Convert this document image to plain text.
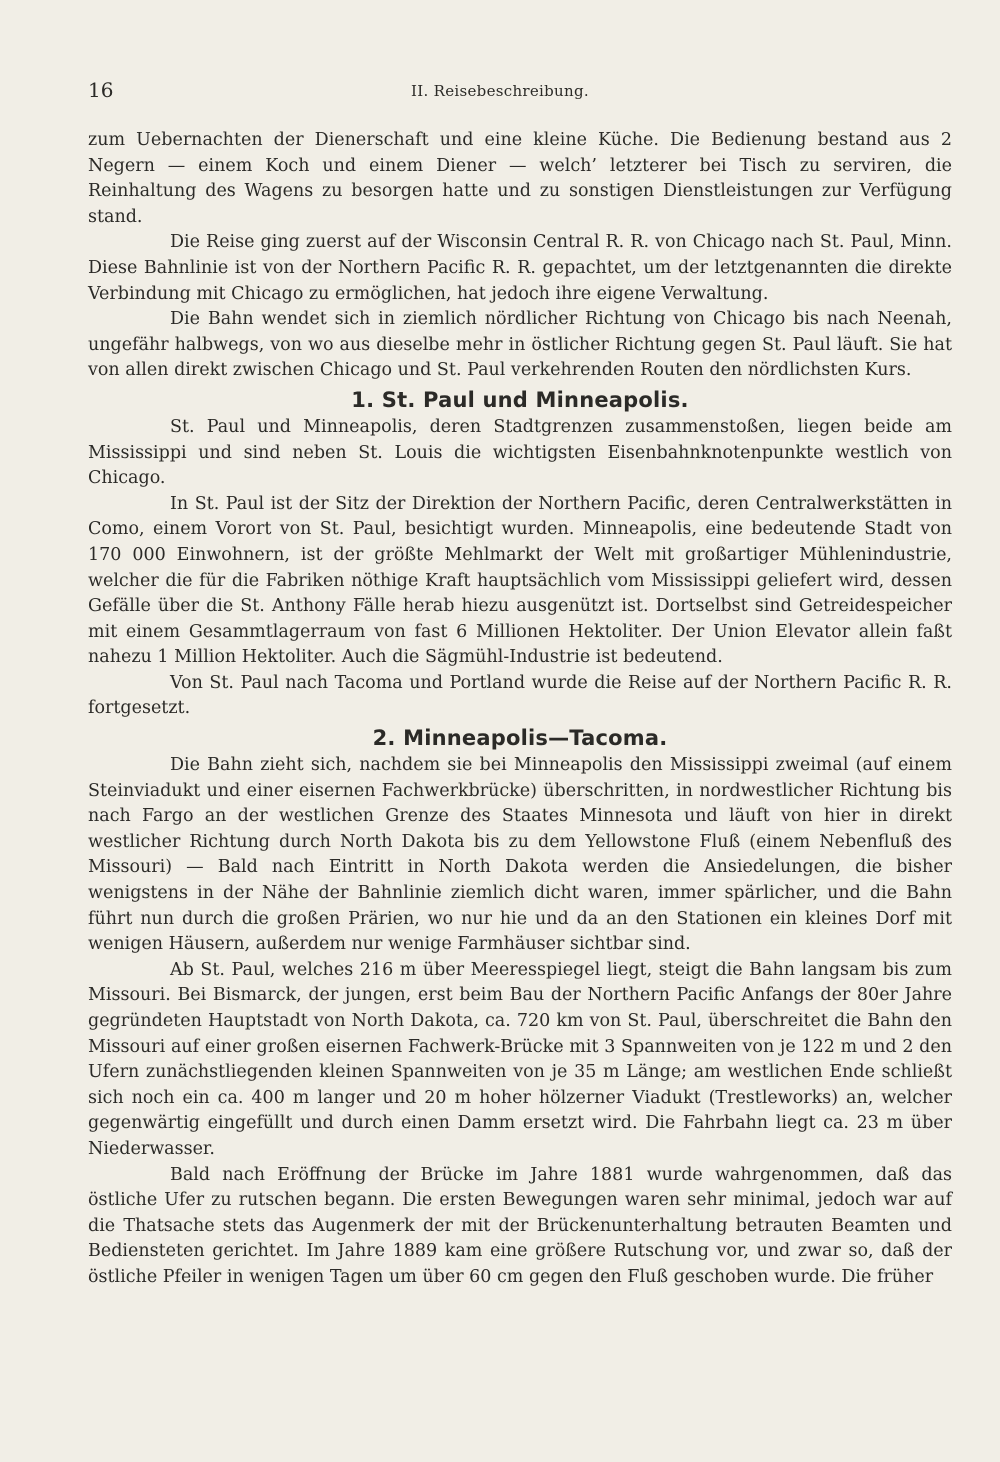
16	II. Reisebeschreibung.

zum Uebernachten der Dienerschaft und eine kleine Küche. Die Bedienung bestand aus 2 Negern — einem Koch und einem Diener — welch’ letzterer bei Tisch zu serviren, die Reinhaltung des Wagens zu besorgen hatte und zu sonstigen Dienstleistungen zur Verfügung stand.

Die Reise ging zuerst auf der Wisconsin Central R. R. von Chicago nach St. Paul, Minn. Diese Bahnlinie ist von der Northern Pacific R. R. gepachtet, um der letztgenannten die direkte Verbindung mit Chicago zu ermöglichen, hat jedoch ihre eigene Verwaltung.

Die Bahn wendet sich in ziemlich nördlicher Richtung von Chicago bis nach Neenah, ungefähr halbwegs, von wo aus dieselbe mehr in östlicher Richtung gegen St. Paul läuft. Sie hat von allen direkt zwischen Chicago und St. Paul verkehrenden Routen den nördlichsten Kurs.

1. St. Paul und Minneapolis.

St. Paul und Minneapolis, deren Stadtgrenzen zusammenstoßen, liegen beide am Mississippi und sind neben St. Louis die wichtigsten Eisenbahnknotenpunkte westlich von Chicago.

In St. Paul ist der Sitz der Direktion der Northern Pacific, deren Centralwerkstätten in Como, einem Vorort von St. Paul, besichtigt wurden. Minneapolis, eine bedeutende Stadt von 170 000 Einwohnern, ist der größte Mehlmarkt der Welt mit großartiger Mühlenindustrie, welcher die für die Fabriken nöthige Kraft hauptsächlich vom Mississippi geliefert wird, dessen Gefälle über die St. Anthony Fälle herab hiezu ausgenützt ist. Dortselbst sind Getreidespeicher mit einem Gesammtlagerraum von fast 6 Millionen Hektoliter. Der Union Elevator allein faßt nahezu 1 Million Hektoliter. Auch die Sägmühl-Industrie ist bedeutend.

Von St. Paul nach Tacoma und Portland wurde die Reise auf der Northern Pacific R. R. fortgesetzt.

2. Minneapolis—Tacoma.

Die Bahn zieht sich, nachdem sie bei Minneapolis den Mississippi zweimal (auf einem Steinviadukt und einer eisernen Fachwerkbrücke) überschritten, in nordwestlicher Richtung bis nach Fargo an der westlichen Grenze des Staates Minnesota und läuft von hier in direkt westlicher Richtung durch North Dakota bis zu dem Yellowstone Fluß (einem Nebenfluß des Missouri) — Bald nach Eintritt in North Dakota werden die Ansiedelungen, die bisher wenigstens in der Nähe der Bahnlinie ziemlich dicht waren, immer spärlicher, und die Bahn führt nun durch die großen Prärien, wo nur hie und da an den Stationen ein kleines Dorf mit wenigen Häusern, außerdem nur wenige Farmhäuser sichtbar sind.

Ab St. Paul, welches 216 m über Meeresspiegel liegt, steigt die Bahn langsam bis zum Missouri. Bei Bismarck, der jungen, erst beim Bau der Northern Pacific Anfangs der 80er Jahre gegründeten Hauptstadt von North Dakota, ca. 720 km von St. Paul, überschreitet die Bahn den Missouri auf einer großen eisernen Fachwerk-Brücke mit 3 Spannweiten von je 122 m und 2 den Ufern zunächstliegenden kleinen Spannweiten von je 35 m Länge; am westlichen Ende schließt sich noch ein ca. 400 m langer und 20 m hoher hölzerner Viadukt (Trestleworks) an, welcher gegenwärtig eingefüllt und durch einen Damm ersetzt wird. Die Fahrbahn liegt ca. 23 m über Niederwasser.

Bald nach Eröffnung der Brücke im Jahre 1881 wurde wahrgenommen, daß das östliche Ufer zu rutschen begann. Die ersten Bewegungen waren sehr minimal, jedoch war auf die Thatsache stets das Augenmerk der mit der Brückenunterhaltung betrauten Beamten und Bediensteten gerichtet. Im Jahre 1889 kam eine größere Rutschung vor, und zwar so, daß der östliche Pfeiler in wenigen Tagen um über 60 cm gegen den Fluß geschoben wurde. Die früher
